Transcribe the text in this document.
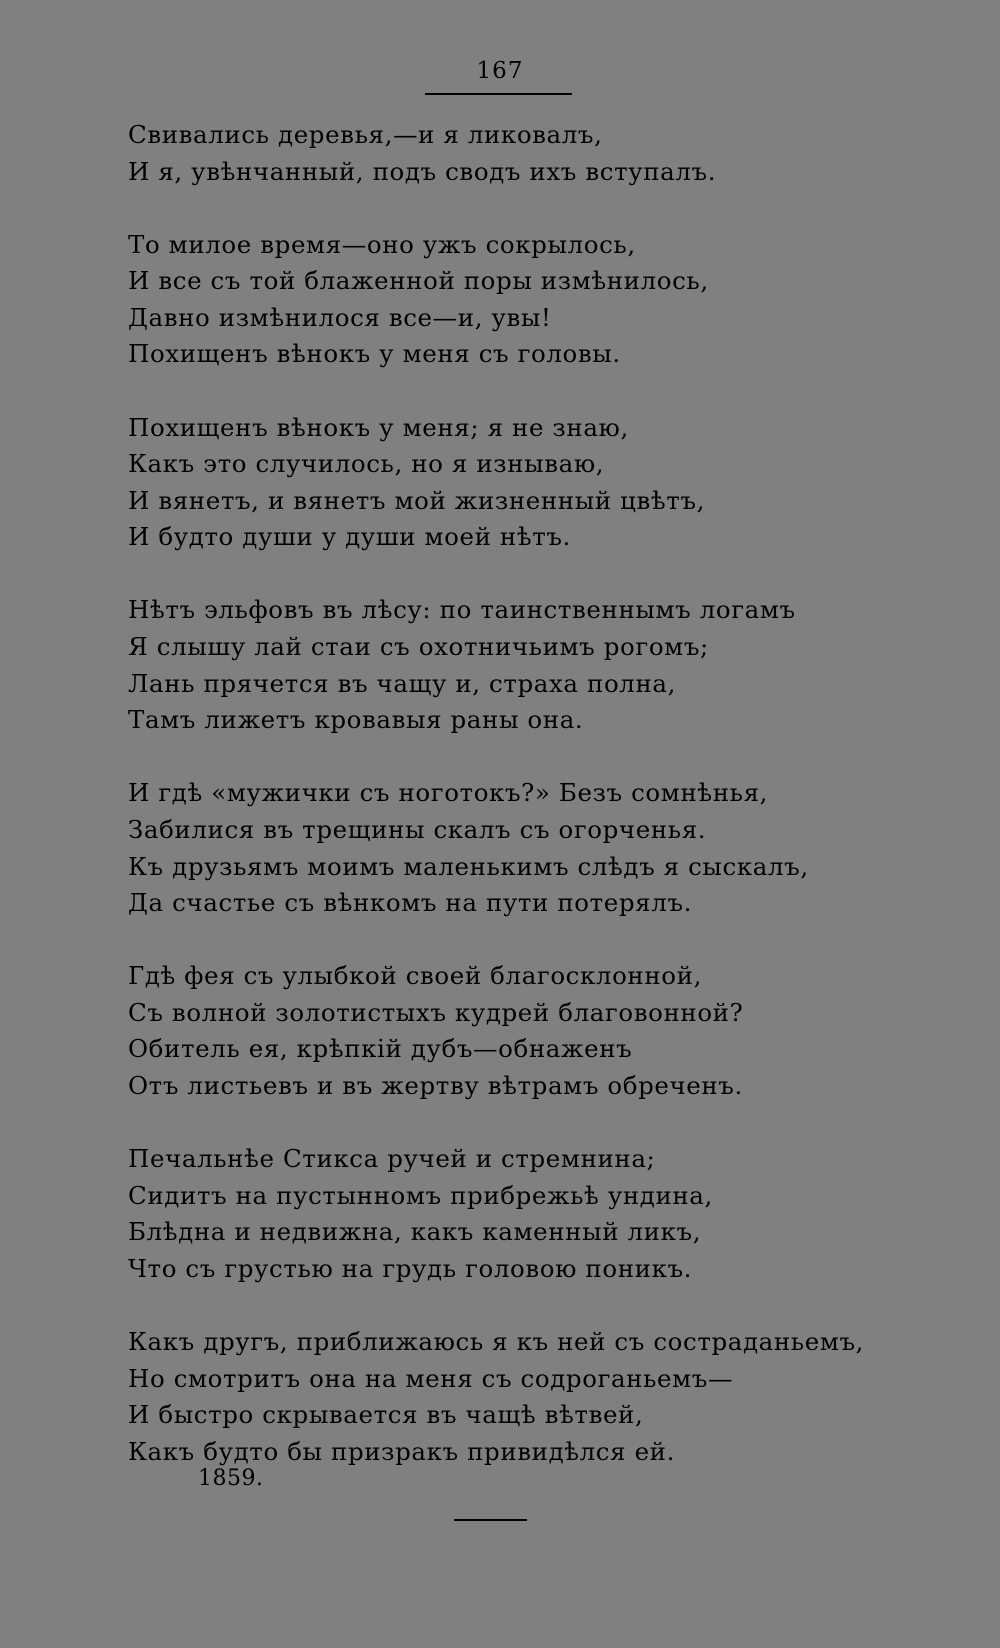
167
Свивались деревья,—и я ликовалъ,
И я, увѣнчанный, подъ сводъ ихъ вступалъ.
То милое время—оно ужъ сокрылось,
И все съ той блаженной поры измѣнилось,
Давно измѣнилося все—и, увы!
Похищенъ вѣнокъ у меня съ головы.
Похищенъ вѣнокъ у меня; я не знаю,
Какъ это случилось, но я изнываю,
И вянетъ, и вянетъ мой жизненный цвѣтъ,
И будто души у души моей нѣтъ.
Нѣтъ эльфовъ въ лѣсу: по таинственнымъ логамъ
Я слышу лай стаи съ охотничьимъ рогомъ;
Лань прячется въ чащу и, страха полна,
Тамъ лижетъ кровавыя раны она.
И гдѣ «мужички съ ноготокъ?» Безъ сомнѣнья,
Забилися въ трещины скалъ съ огорченья.
Къ друзьямъ моимъ маленькимъ слѣдъ я сыскалъ,
Да счастье съ вѣнкомъ на пути потерялъ.
Гдѣ фея съ улыбкой своей благосклонной,
Съ волной золотистыхъ кудрей благовонной?
Обитель ея, крѣпкій дубъ—обнаженъ
Отъ листьевъ и въ жертву вѣтрамъ обреченъ.
Печальнѣе Стикса ручей и стремнина;
Сидитъ на пустынномъ прибрежьѣ ундина,
Блѣдна и недвижна, какъ каменный ликъ,
Что съ грустью на грудь головою поникъ.
Какъ другъ, приближаюсь я къ ней съ состраданьемъ,
Но смотритъ она на меня съ содроганьемъ—
И быстро скрывается въ чащѣ вѣтвей,
Какъ будто бы призракъ привидѣлся ей.
1859.
